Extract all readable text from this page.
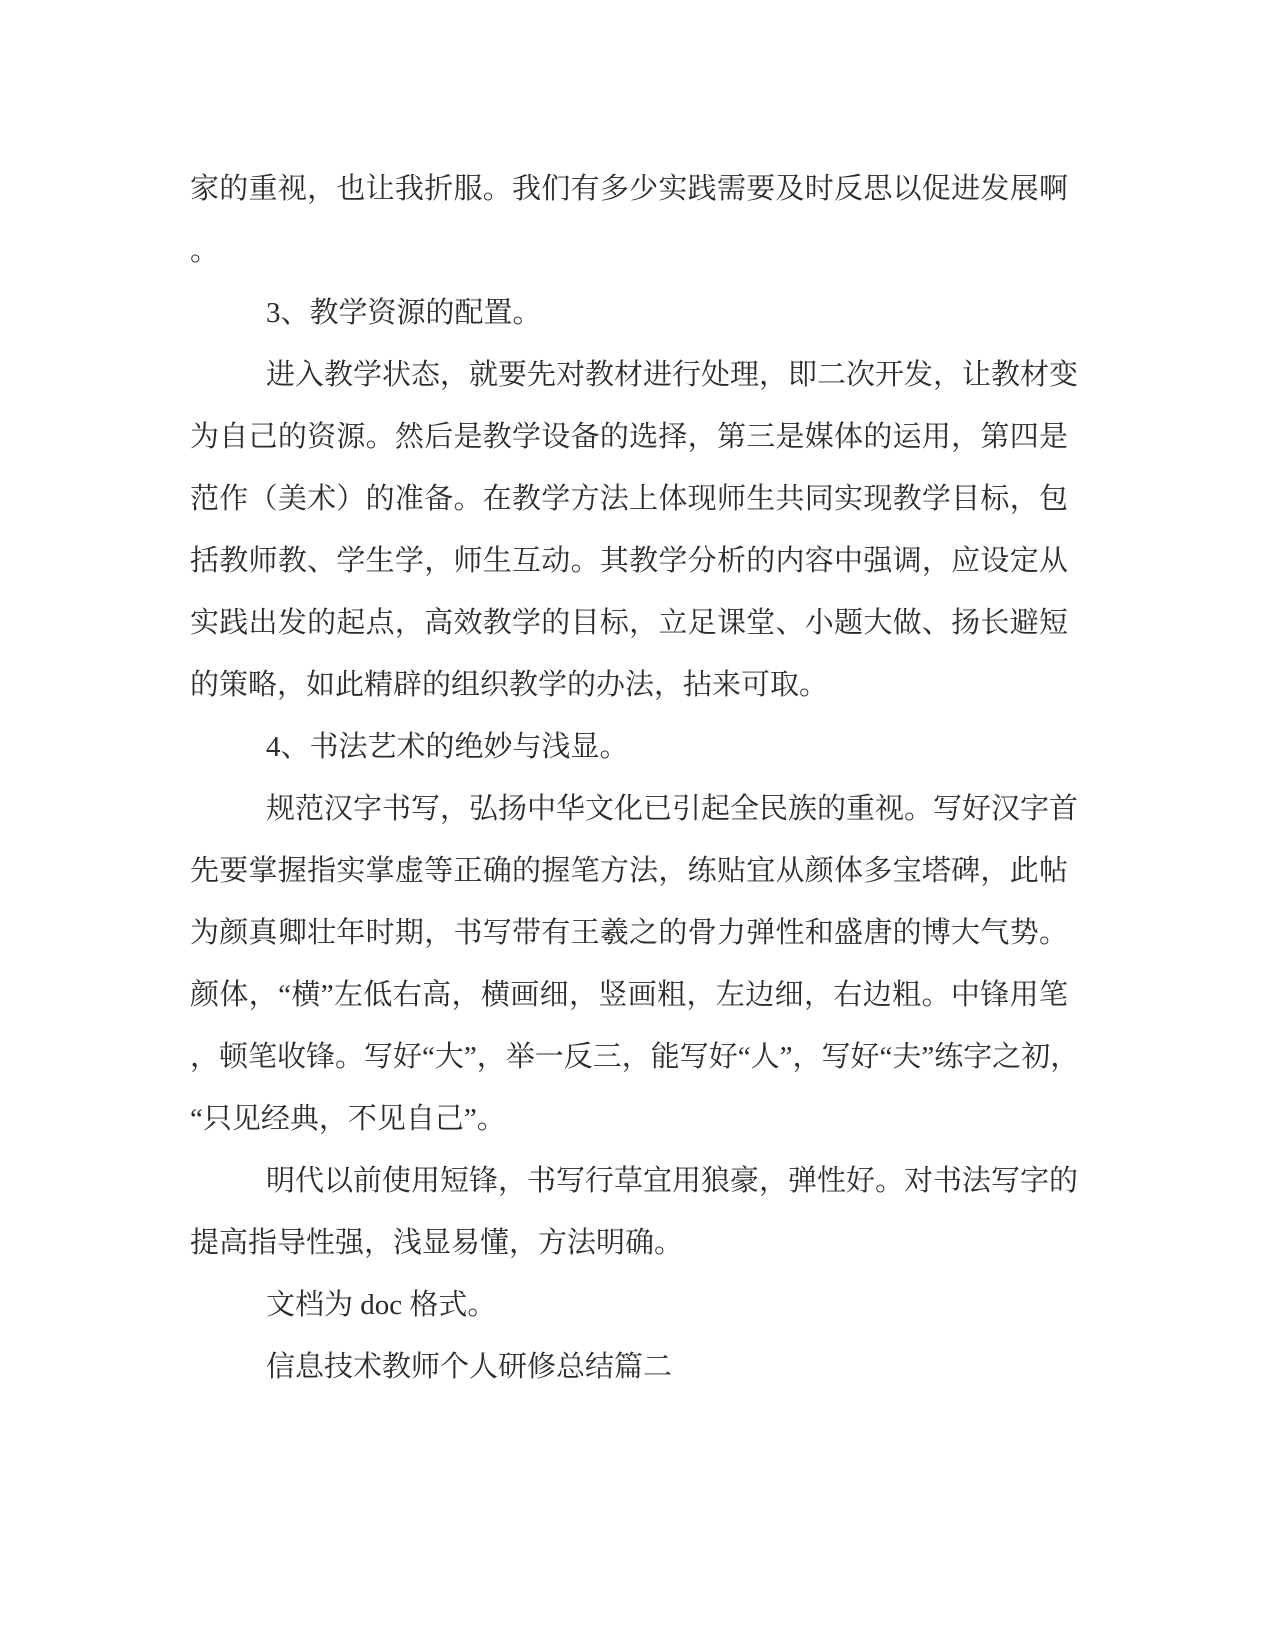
家的重视，也让我折服。我们有多少实践需要及时反思以促进发展啊
。
3、教学资源的配置。
进入教学状态，就要先对教材进行处理，即二次开发，让教材变
为自己的资源。然后是教学设备的选择，第三是媒体的运用，第四是
范作（美术）的准备。在教学方法上体现师生共同实现教学目标，包
括教师教、学生学，师生互动。其教学分析的内容中强调，应设定从
实践出发的起点，高效教学的目标，立足课堂、小题大做、扬长避短
的策略，如此精辟的组织教学的办法，拈来可取。
4、书法艺术的绝妙与浅显。
规范汉字书写，弘扬中华文化已引起全民族的重视。写好汉字首
先要掌握指实掌虚等正确的握笔方法，练贴宜从颜体多宝塔碑，此帖
为颜真卿壮年时期，书写带有王羲之的骨力弹性和盛唐的博大气势。
颜体，“横”左低右高，横画细，竖画粗，左边细，右边粗。中锋用笔
，顿笔收锋。写好“大”，举一反三，能写好“人”，写好“夫”练字之初，
“只见经典，不见自己”。
明代以前使用短锋，书写行草宜用狼豪，弹性好。对书法写字的
提高指导性强，浅显易懂，方法明确。
文档为 doc 格式。
信息技术教师个人研修总结篇二
